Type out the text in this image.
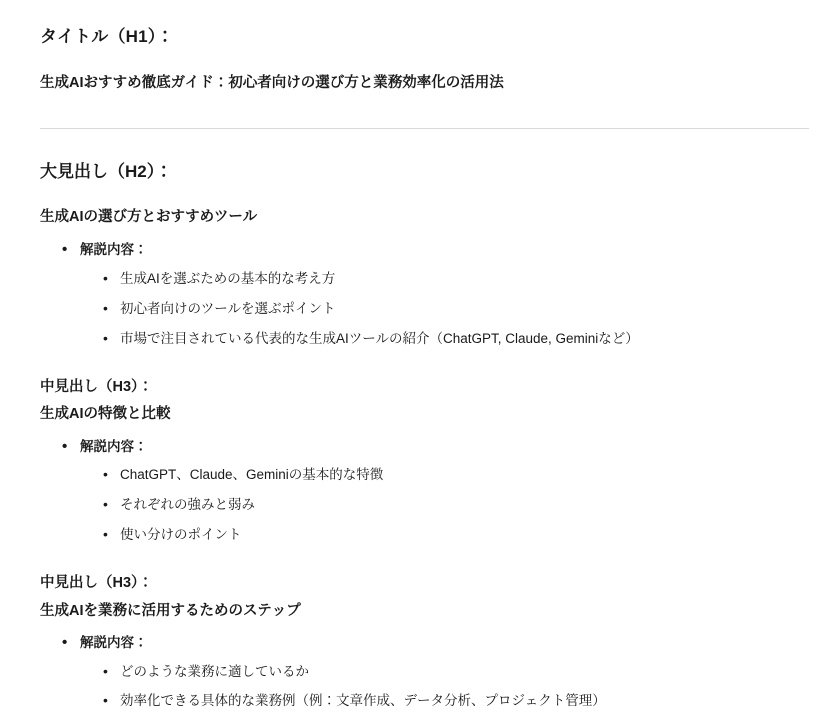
タイトル（H1）：
生成AIおすすめ徹底ガイド：初心者向けの選び方と業務効率化の活用法
大見出し（H2）：
生成AIの選び方とおすすめツール
• 解説内容：
• 生成AIを選ぶための基本的な考え方
• 初心者向けのツールを選ぶポイント
• 市場で注目されている代表的な生成AIツールの紹介（ChatGPT, Claude, Geminiなど）
中見出し（H3）：
生成AIの特徴と比較
• 解説内容：
• ChatGPT、Claude、Geminiの基本的な特徴
• それぞれの強みと弱み
• 使い分けのポイント
中見出し（H3）：
生成AIを業務に活用するためのステップ
• 解説内容：
• どのような業務に適しているか
• 効率化できる具体的な業務例（例：文章作成、データ分析、プロジェクト管理）
